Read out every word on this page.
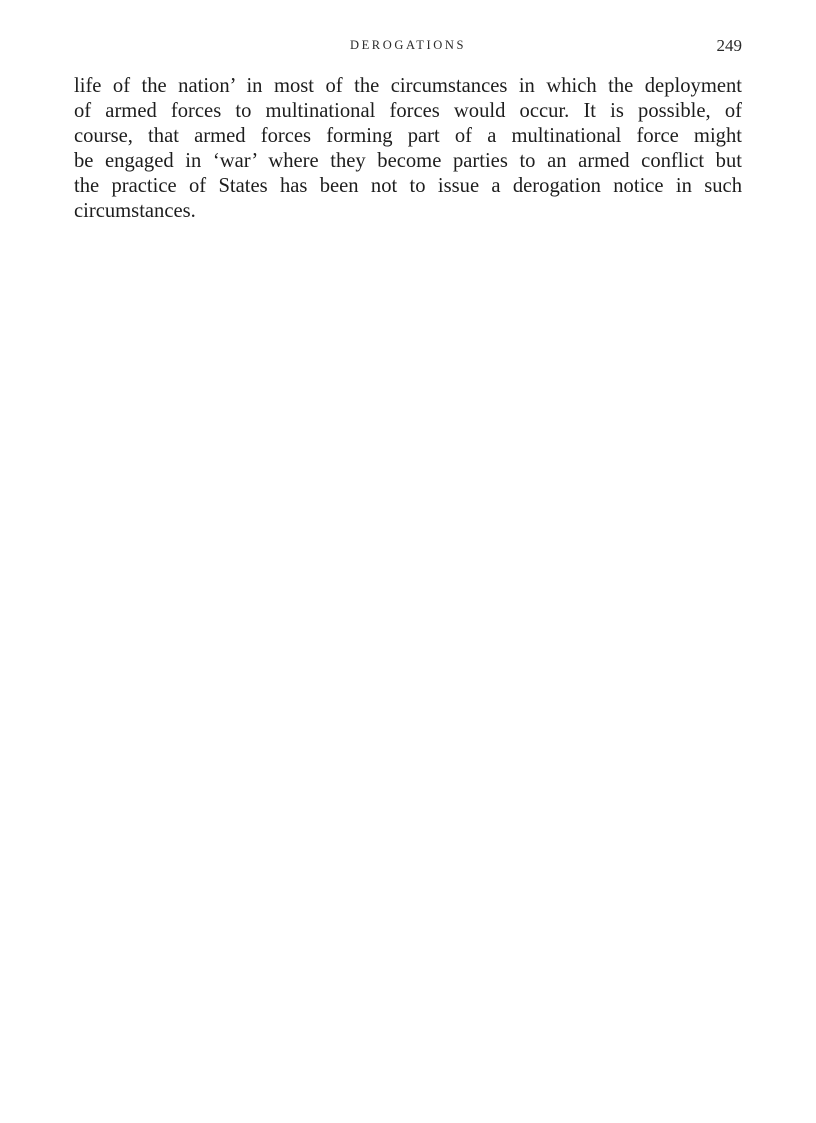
DEROGATIONS	249

life of the nation’ in most of the circumstances in which the deployment
of armed forces to multinational forces would occur. It is possible, of
course, that armed forces forming part of a multinational force might
be engaged in ‘war’ where they become parties to an armed conflict but
the practice of States has been not to issue a derogation notice in such
circumstances.
